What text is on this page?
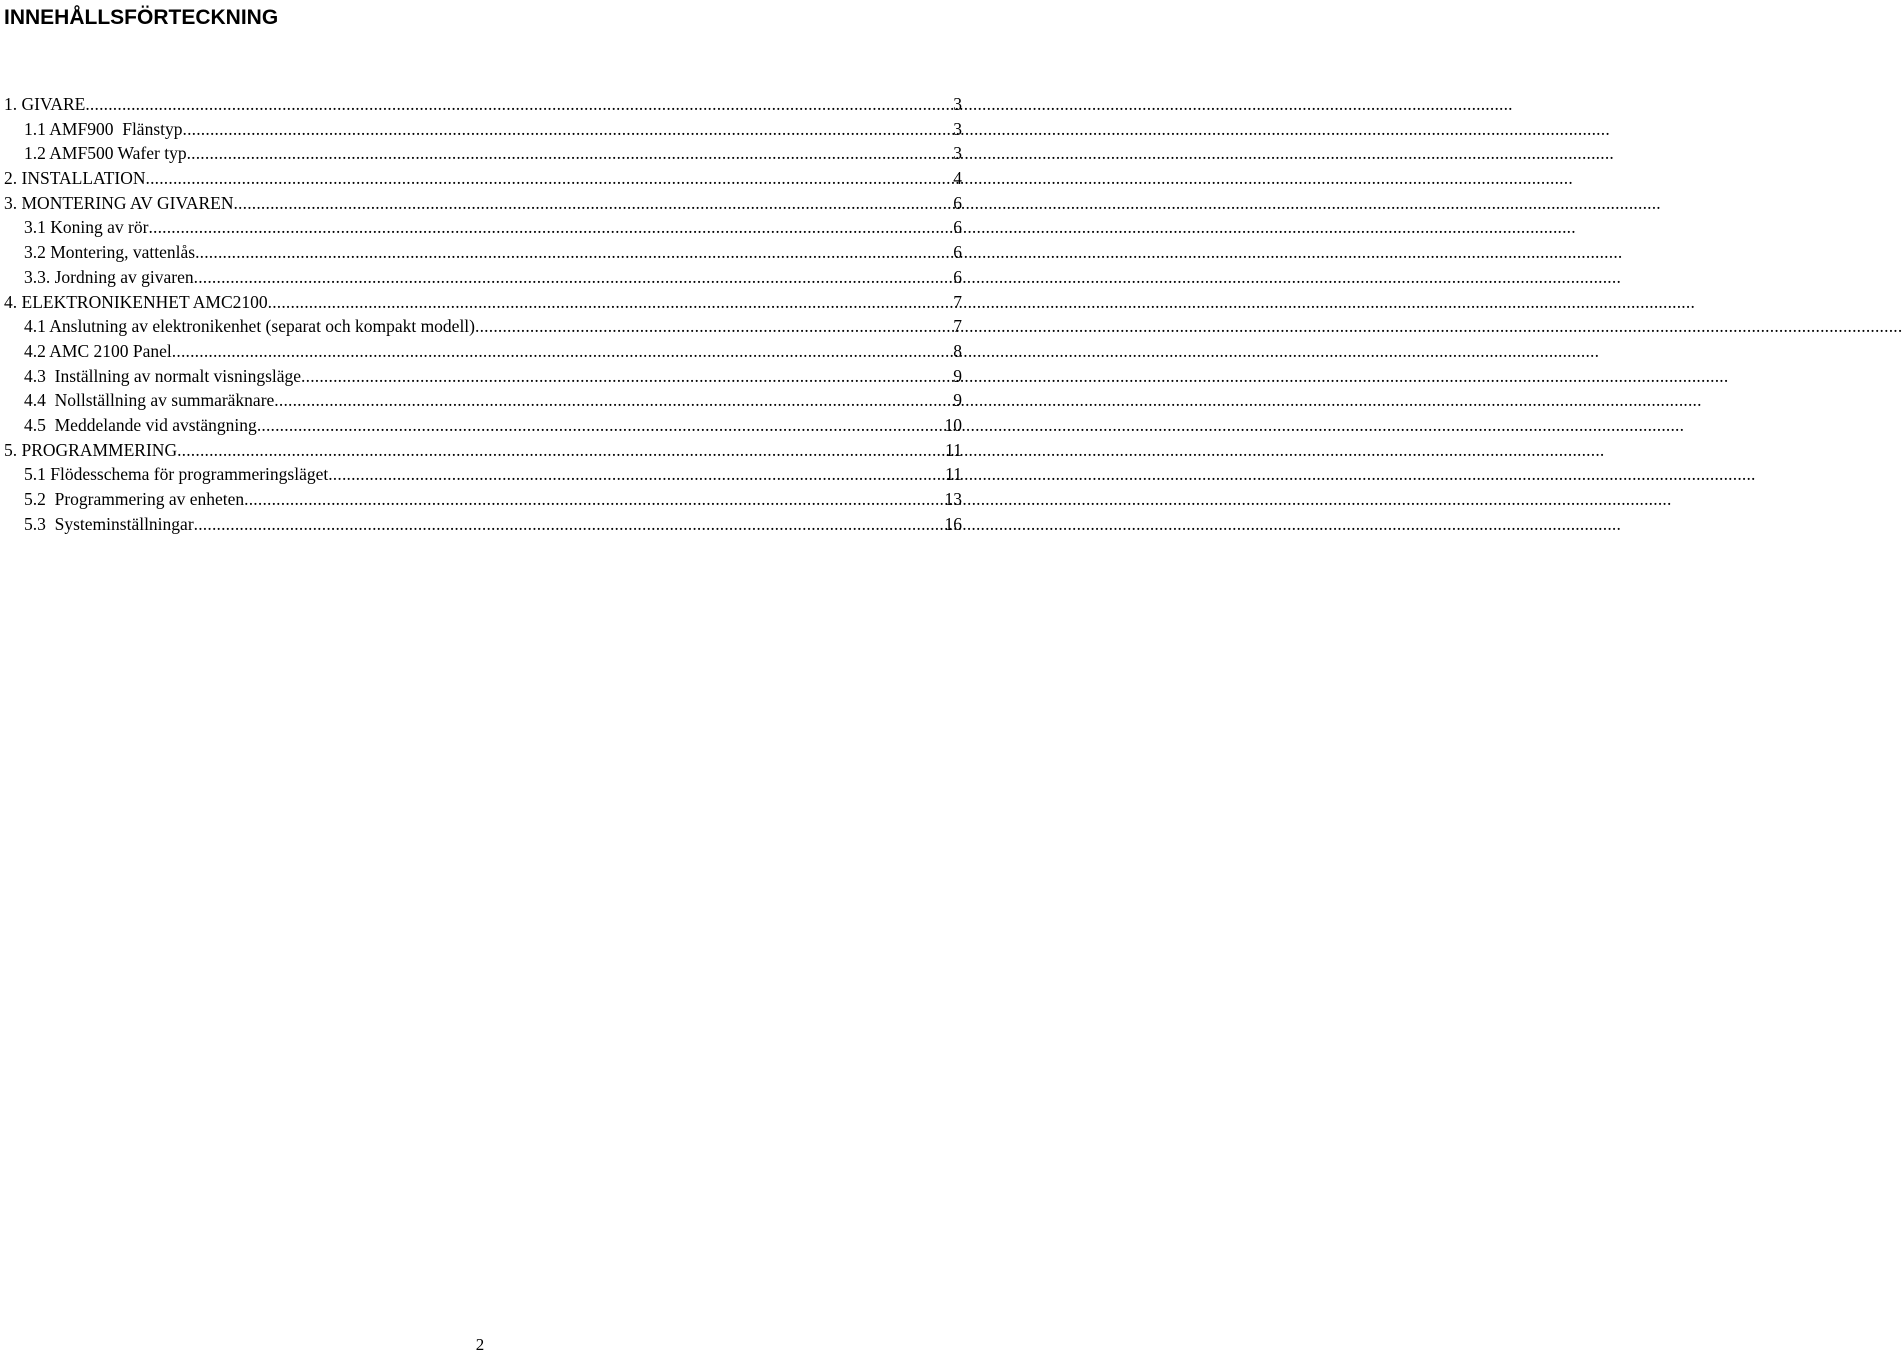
INNEHÅLLSFÖRTECKNING
1. GIVARE .....	3
1.1 AMF900  Flänstyp .....	3
1.2 AMF500 Wafer typ .....	3
2. INSTALLATION .....	4
3. MONTERING AV GIVAREN .....	6
3.1 Koning av rör .....	6
3.2 Montering, vattenlås .....	6
3.3. Jordning av givaren .....	6
4. ELEKTRONIKENHET AMC2100 .....	7
4.1 Anslutning av elektronikenhet (separat och kompakt modell) .....	7
4.2 AMC 2100 Panel .....	8
4.3  Inställning av normalt visningsläge .....	9
4.4  Nollställning av summaräknare .....	9
4.5  Meddelande vid avstängning .....	10
5. PROGRAMMERING .....	11
5.1 Flödesschema för programmeringsläget .....	11
5.2  Programmering av enheten .....	13
5.3  Systeminställningar .....	16
2
